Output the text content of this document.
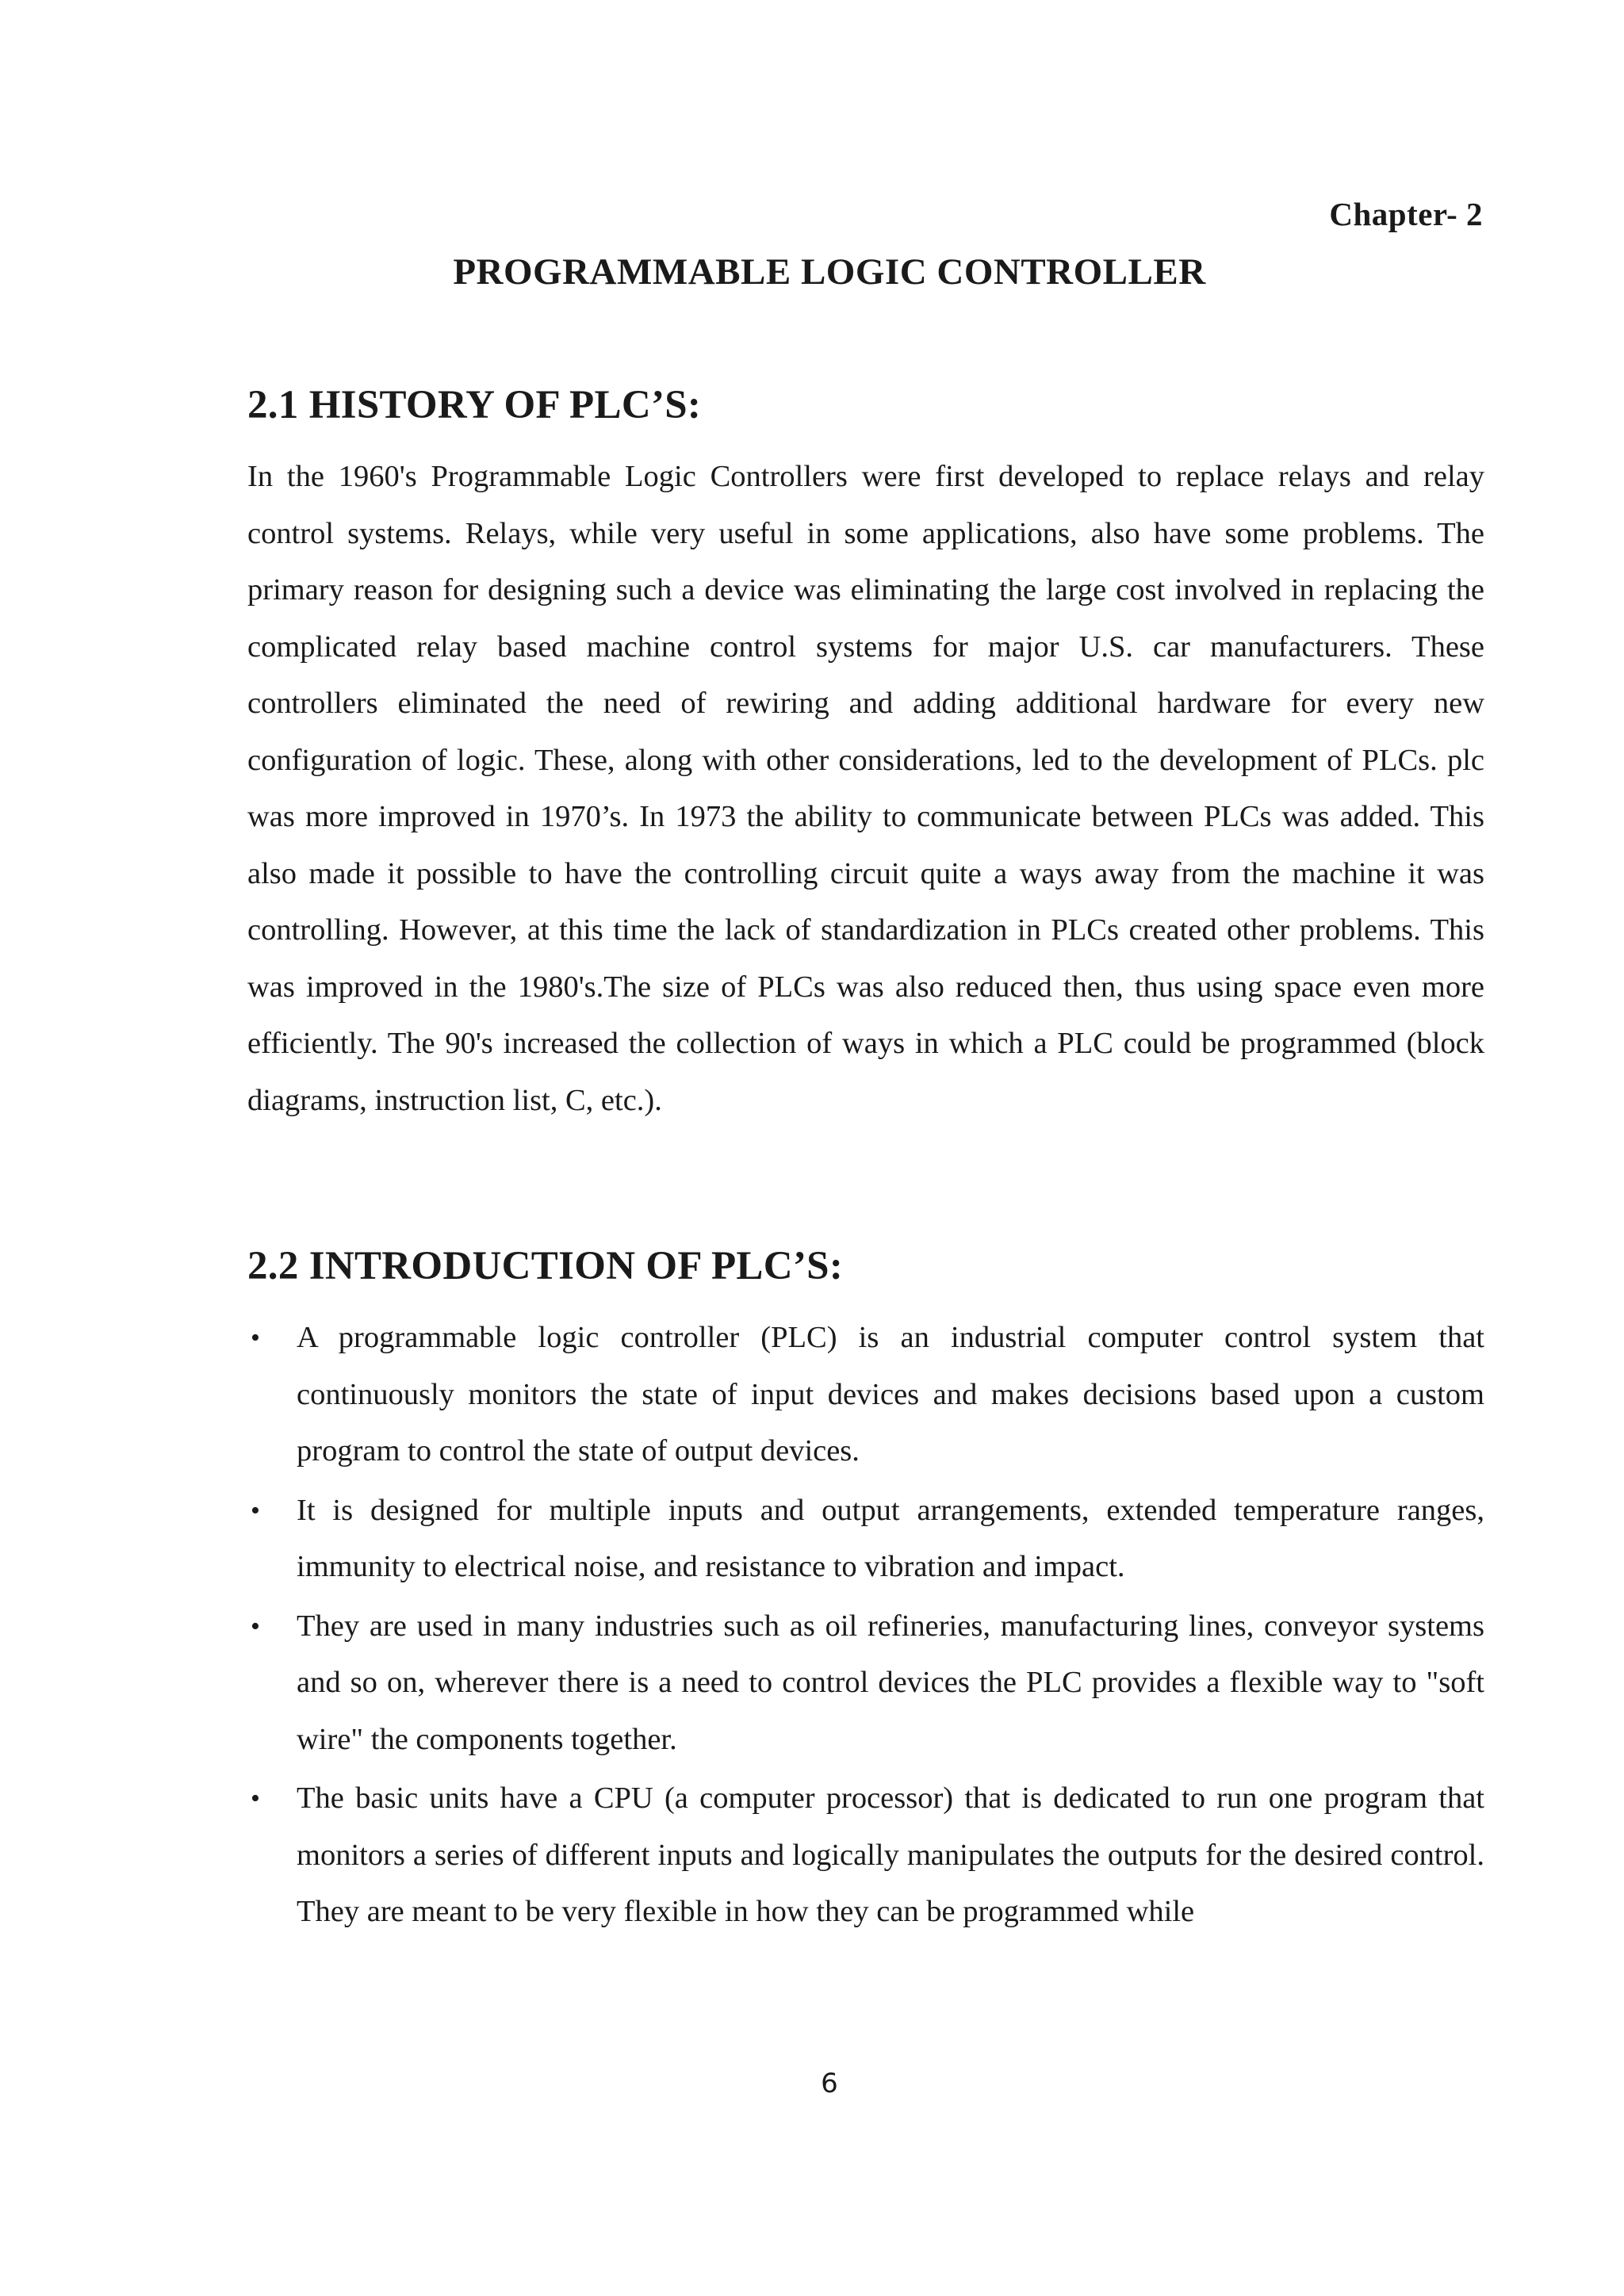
Chapter- 2
PROGRAMMABLE LOGIC CONTROLLER
2.1 HISTORY OF PLC’S:

In the 1960's Programmable Logic Controllers were first developed to replace relays and relay control systems. Relays, while very useful in some applications, also have some problems. The primary reason for designing such a device was eliminating the large cost involved in replacing the complicated relay based machine control systems for major U.S. car manufacturers. These controllers eliminated the need of rewiring and adding additional hardware for every new configuration of logic. These, along with other considerations, led to the development of PLCs. plc was more improved in 1970’s. In 1973 the ability to communicate between PLCs was added. This also made it possible to have the controlling circuit quite a ways away from the machine it was controlling. However, at this time the lack of standardization in PLCs created other problems. This was improved in the 1980's.The size of PLCs was also reduced then, thus using space even more efficiently. The 90's increased the collection of ways in which a PLC could be programmed (block diagrams, instruction list, C, etc.).

2.2 INTRODUCTION OF PLC’S:
• A programmable logic controller (PLC) is an industrial computer control system that continuously monitors the state of input devices and makes decisions based upon a custom program to control the state of output devices.
• It is designed for multiple inputs and output arrangements, extended temperature ranges, immunity to electrical noise, and resistance to vibration and impact.
• They are used in many industries such as oil refineries, manufacturing lines, conveyor systems and so on, wherever there is a need to control devices the PLC provides a flexible way to "soft wire" the components together.
• The basic units have a CPU (a computer processor) that is dedicated to run one program that monitors a series of different inputs and logically manipulates the outputs for the desired control. They are meant to be very flexible in how they can be programmed while
6
